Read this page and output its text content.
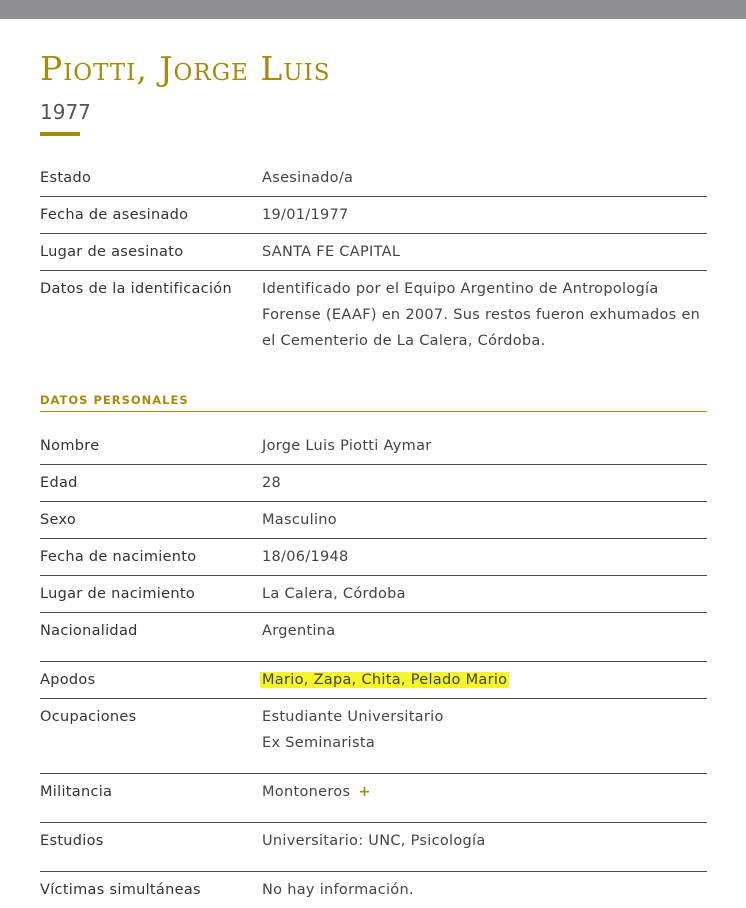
Piotti, Jorge Luis
1977
Estado	Asesinado/a
Fecha de asesinado	19/01/1977
Lugar de asesinato	SANTA FE CAPITAL
Datos de la identificación	Identificado por el Equipo Argentino de Antropología Forense (EAAF) en 2007. Sus restos fueron exhumados en el Cementerio de La Calera, Córdoba.
DATOS PERSONALES
Nombre	Jorge Luis Piotti Aymar
Edad	28
Sexo	Masculino
Fecha de nacimiento	18/06/1948
Lugar de nacimiento	La Calera, Córdoba
Nacionalidad	Argentina
Apodos	Mario, Zapa, Chita, Pelado Mario
Ocupaciones	Estudiante Universitario
Ex Seminarista

Militancia	Montoneros +
Estudios	Universitario: UNC, Psicología
Víctimas simultáneas	No hay información.
